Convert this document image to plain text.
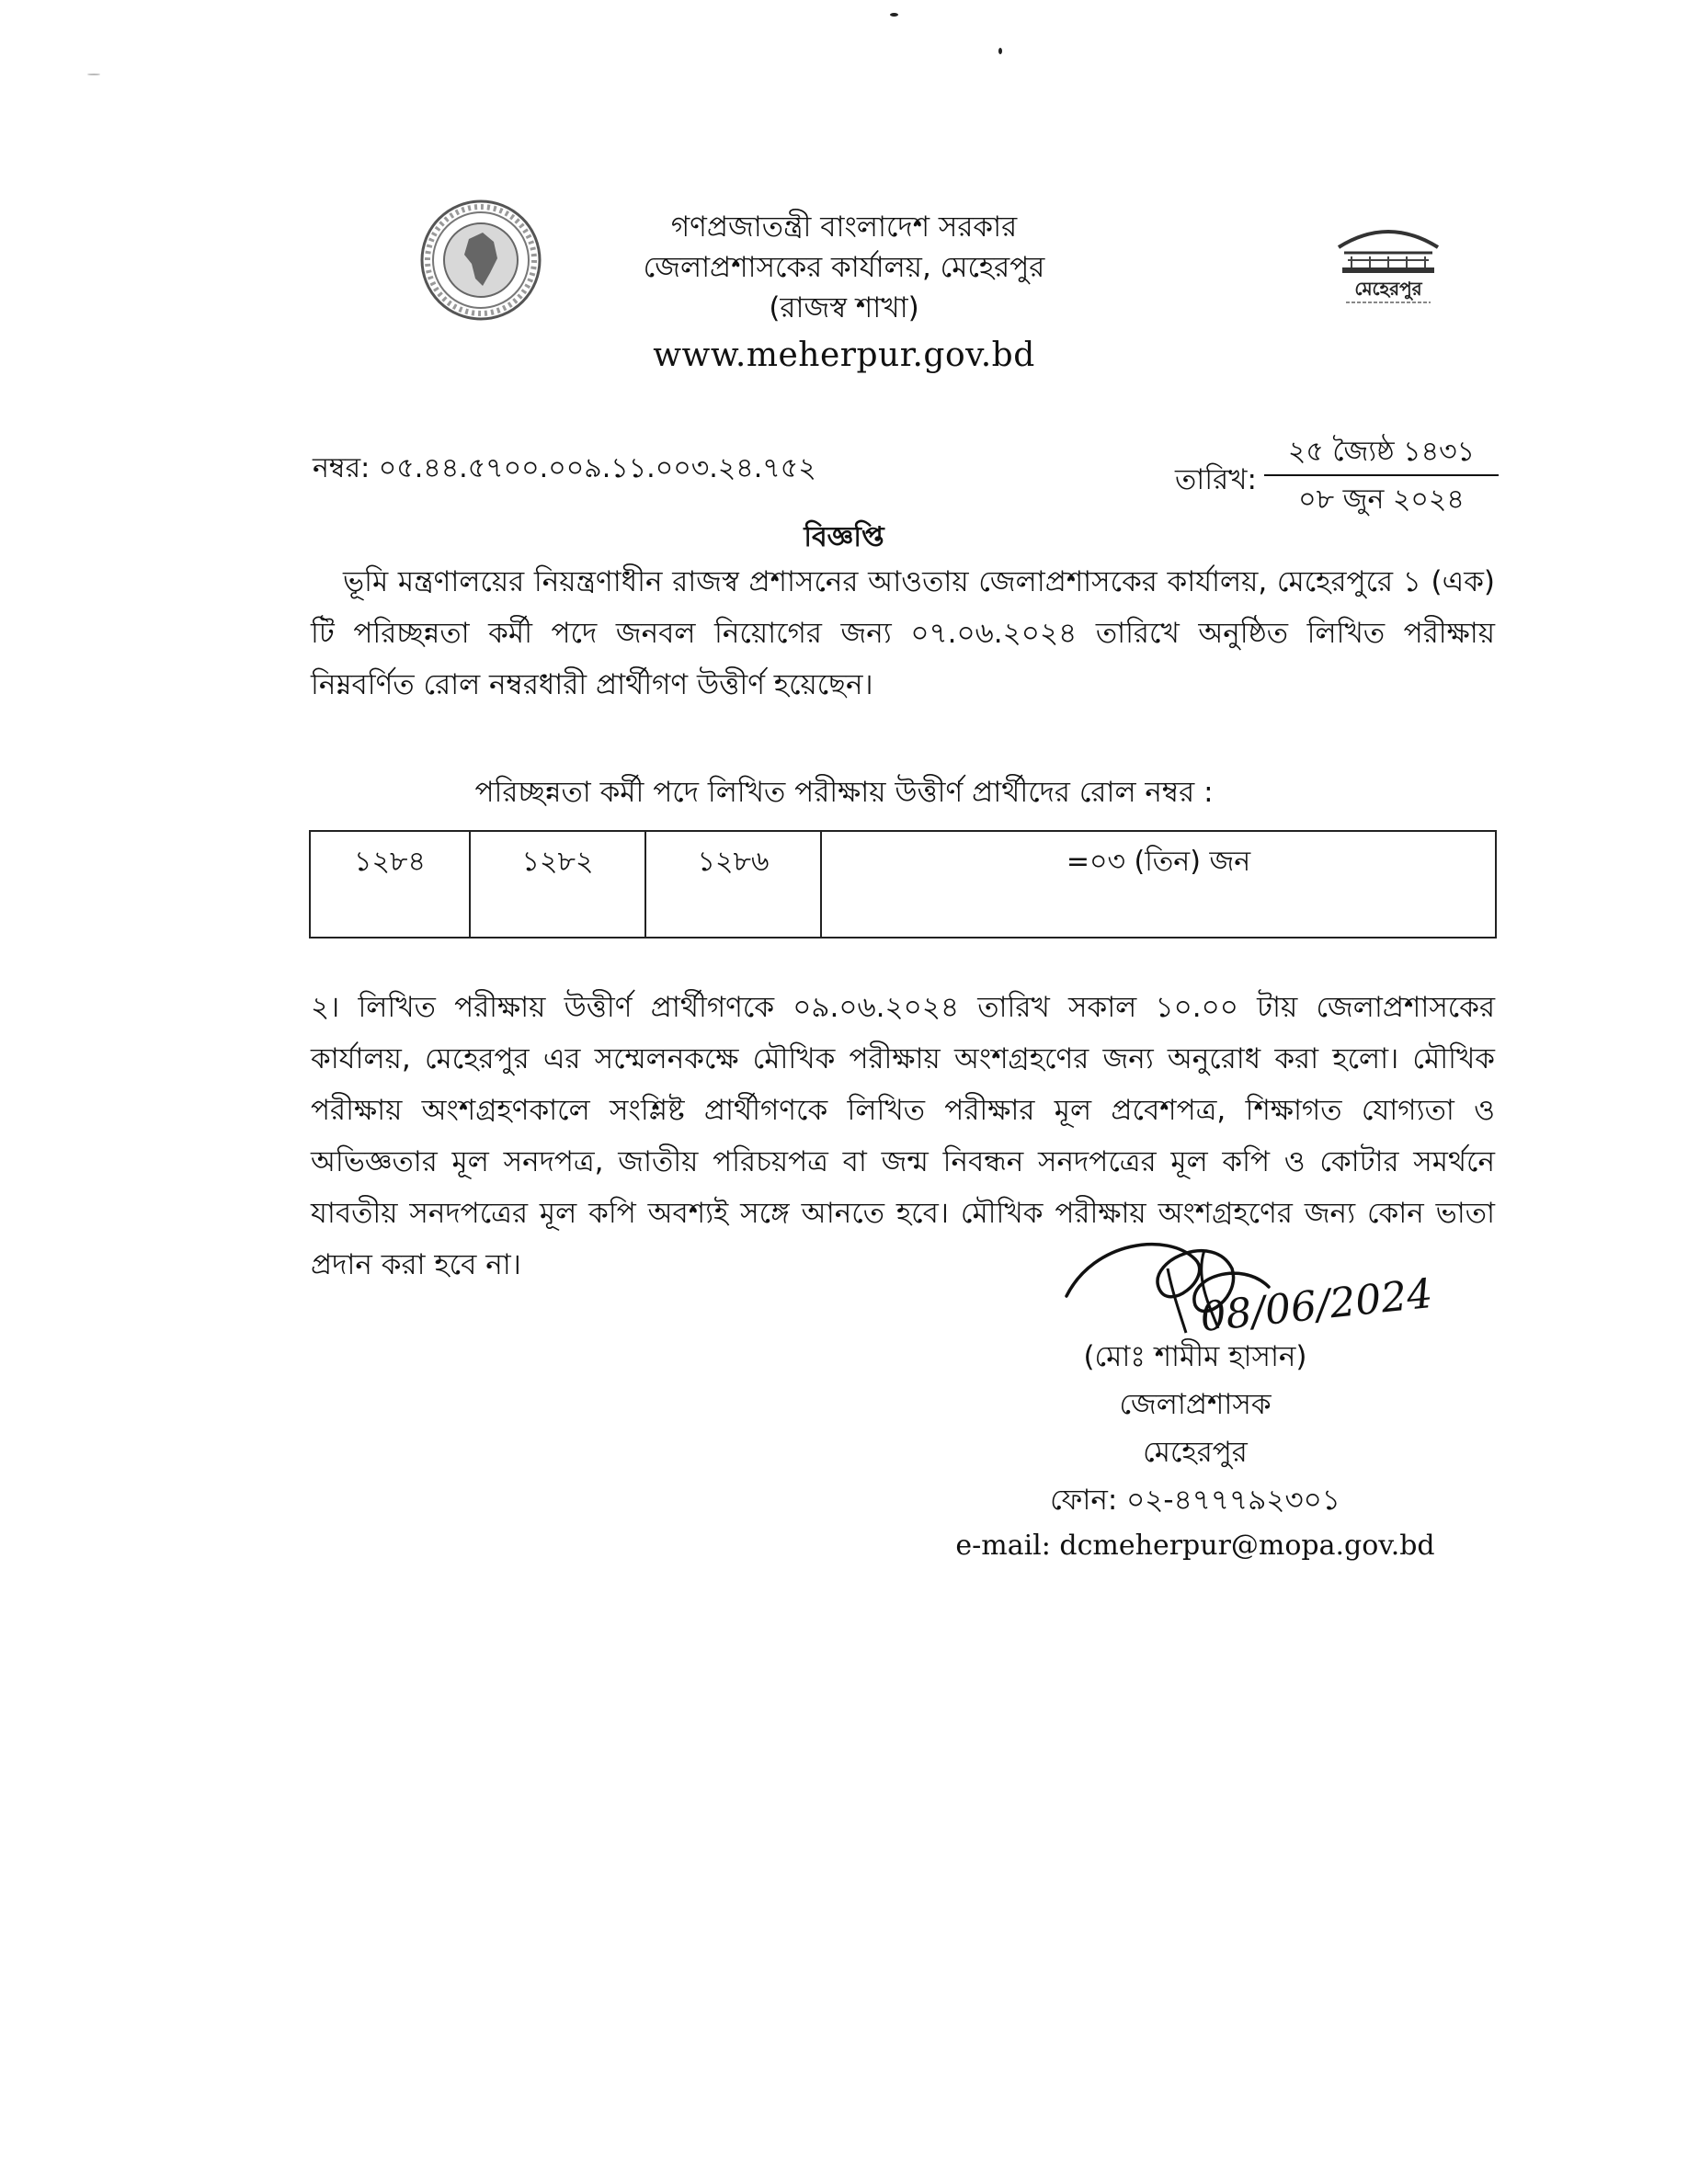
মেহেরপুর
গণপ্রজাতন্ত্রী বাংলাদেশ সরকার
জেলাপ্রশাসকের কার্যালয়, মেহেরপুর
(রাজস্ব শাখা)
www.meherpur.gov.bd
নম্বর: ০৫.৪৪.৫৭০০.০০৯.১১.০০৩.২৪.৭৫২	তারিখ:
২৫ জ্যৈষ্ঠ ১৪৩১
০৮ জুন ২০২৪
বিজ্ঞপ্তি
ভূমি মন্ত্রণালয়ের নিয়ন্ত্রণাধীন রাজস্ব প্রশাসনের আওতায় জেলাপ্রশাসকের কার্যালয়, মেহেরপুরে ১ (এক) টি পরিচ্ছন্নতা কর্মী পদে জনবল নিয়োগের জন্য ০৭.০৬.২০২৪ তারিখে অনুষ্ঠিত লিখিত পরীক্ষায় নিম্নবর্ণিত রোল নম্বরধারী প্রার্থীগণ উত্তীর্ণ হয়েছেন।
পরিচ্ছন্নতা কর্মী পদে লিখিত পরীক্ষায় উত্তীর্ণ প্রার্থীদের রোল নম্বর :
১২৮৪	১২৮২	১২৮৬	=০৩ (তিন) জন
২। লিখিত পরীক্ষায় উত্তীর্ণ প্রার্থীগণকে ০৯.০৬.২০২৪ তারিখ সকাল ১০.০০ টায় জেলাপ্রশাসকের কার্যালয়, মেহেরপুর এর সম্মেলনকক্ষে মৌখিক পরীক্ষায় অংশগ্রহণের জন্য অনুরোধ করা হলো। মৌখিক পরীক্ষায় অংশগ্রহণকালে সংশ্লিষ্ট প্রার্থীগণকে লিখিত পরীক্ষার মূল প্রবেশপত্র, শিক্ষাগত যোগ্যতা ও অভিজ্ঞতার মূল সনদপত্র, জাতীয় পরিচয়পত্র বা জন্ম নিবন্ধন সনদপত্রের মূল কপি ও কোটার সমর্থনে যাবতীয় সনদপত্রের মূল কপি অবশ্যই সঙ্গে আনতে হবে। মৌখিক পরীক্ষায় অংশগ্রহণের জন্য কোন ভাতা প্রদান করা হবে না।
08/06/2024
(মোঃ শামীম হাসান)
জেলাপ্রশাসক
মেহেরপুর
ফোন: ০২-৪৭৭৭৯২৩০১
e-mail: dcmeherpur@mopa.gov.bd
